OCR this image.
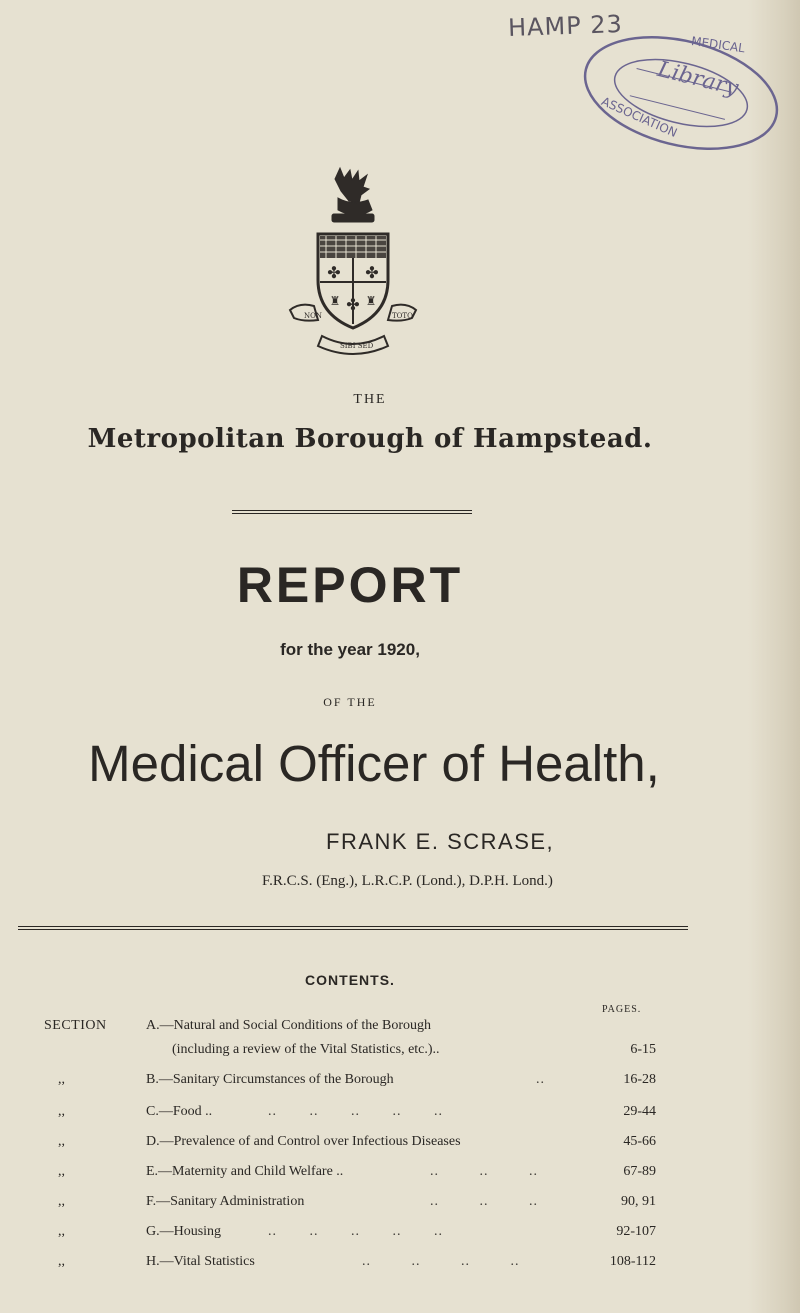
HAMP 23
Library
ASSOCIATION
MEDICAL
✤ ✤
✤
♜ ♜
NON	TOTO
SIBI SED
THE
Metropolitan Borough of Hampstead.
REPORT
for the year 1920,
OF THE
Medical Officer of Health,
FRANK E. SCRASE,
F.R.C.S. (Eng.), L.R.C.P. (Lond.), D.P.H. Lond.)
CONTENTS.
PAGES.
SECTION	A.—Natural and Social Conditions of the Borough
(including a review of the Vital Statistics, etc.)..	6-15
,,	B.—Sanitary Circumstances of the Borough	..	16-28
,,	C.—Food ..	.. .. .. .. ..	29-44
,,	D.—Prevalence of and Control over Infectious Diseases	45-66
,,	E.—Maternity and Child Welfare ..	.. .. ..	67-89
,,	F.—Sanitary Administration	.. .. ..	90, 91
,,	G.—Housing	.. .. .. .. ..	92-107
,,	H.—Vital Statistics	.. .. .. ..	108-112
